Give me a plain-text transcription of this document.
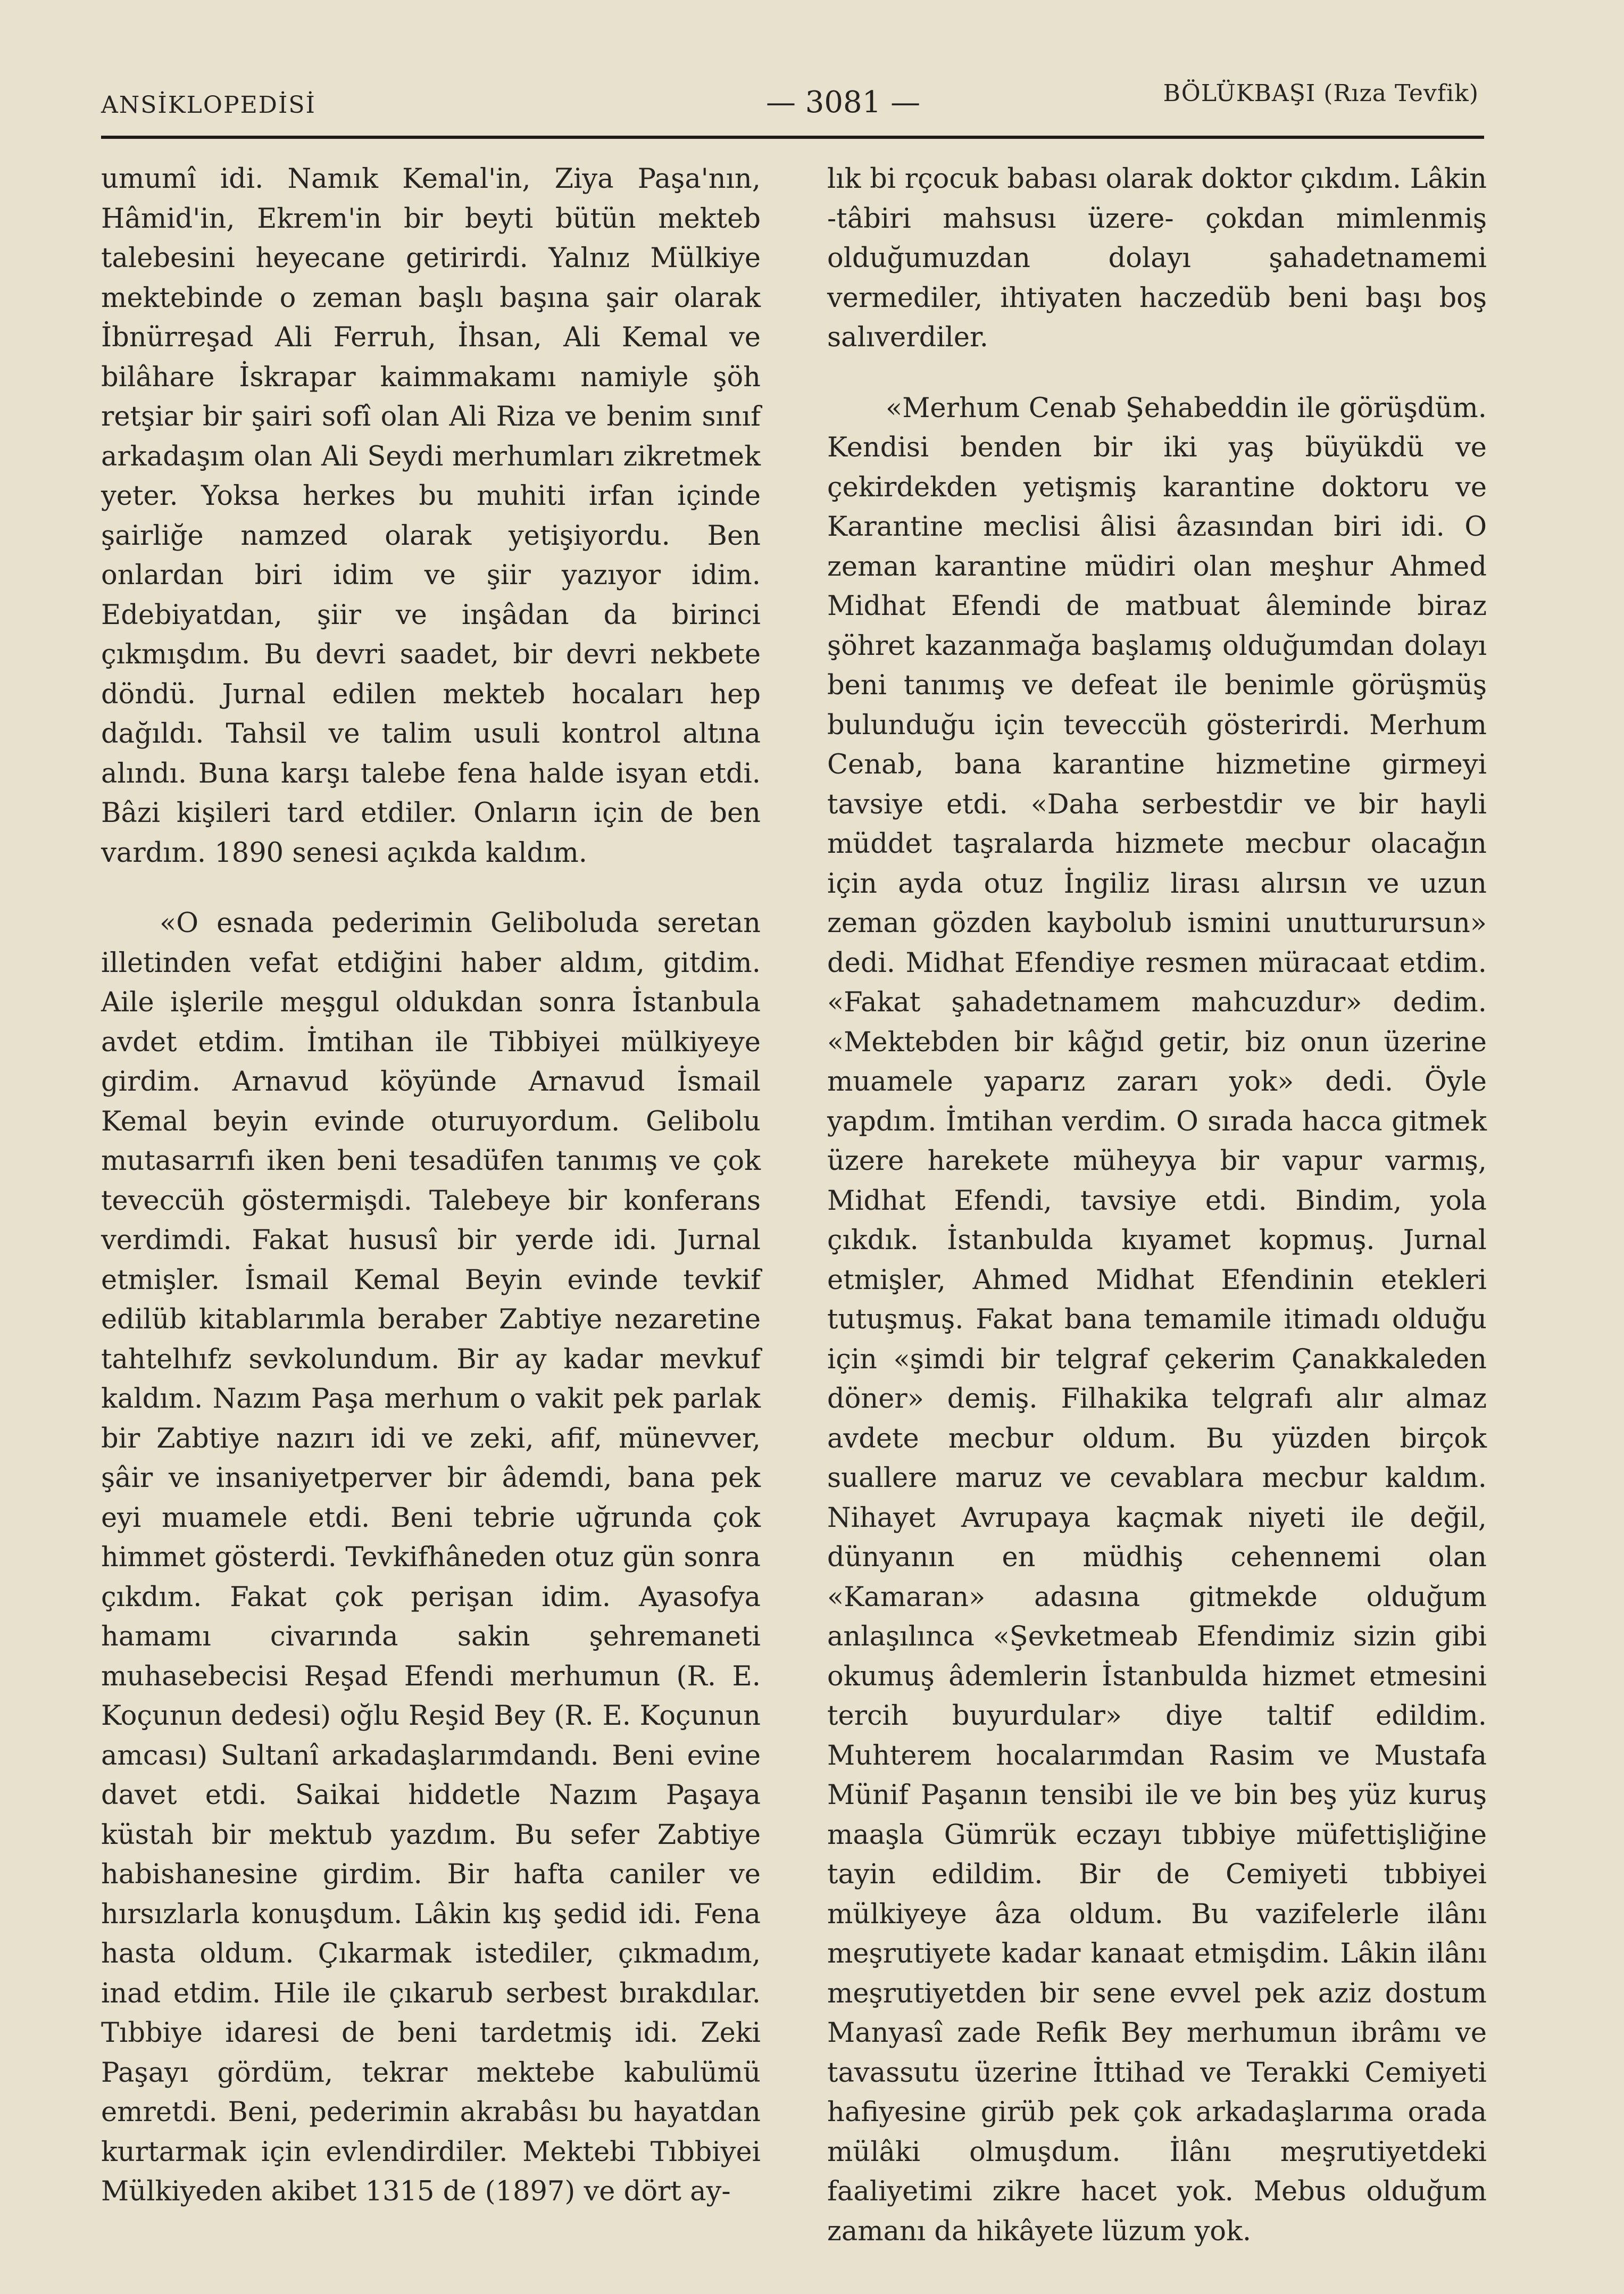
ANSİKLOPEDİSİ	— 3081 —	BÖLÜKBAŞI (Rıza Tevfik)

umumî idi. Namık Kemal'in, Ziya Paşa'nın, Hâmid'in, Ekrem'in bir beyti bütün mekteb talebesini heyecane getirirdi. Yalnız Mülkiye mektebinde o zeman başlı başına şair olarak İbnürreşad Ali Ferruh, İhsan, Ali Kemal ve bilâhare İskrapar kaimmakamı namiyle şöh retşiar bir şairi sofî olan Ali Riza ve benim sınıf arkadaşım olan Ali Seydi merhumları zikretmek yeter. Yoksa herkes bu muhiti irfan içinde şairliğe namzed olarak yetişiyordu. Ben onlardan biri idim ve şiir yazıyor idim. Edebiyatdan, şiir ve inşâdan da birinci çıkmışdım. Bu devri saadet, bir devri nekbete döndü. Jurnal edilen mekteb hocaları hep dağıldı. Tahsil ve talim usuli kontrol altına alındı. Buna karşı talebe fena halde isyan etdi. Bâzi kişileri tard etdiler. Onların için de ben vardım. 1890 senesi açıkda kaldım.

«O esnada pederimin Geliboluda seretan illetinden vefat etdiğini haber aldım, gitdim. Aile işlerile meşgul oldukdan sonra İstanbula avdet etdim. İmtihan ile Tibbiyei mülkiyeye girdim. Arnavud köyünde Arnavud İsmail Kemal beyin evinde oturuyordum. Gelibolu mutasarrıfı iken beni tesadüfen tanımış ve çok teveccüh göstermişdi. Talebeye bir konferans verdimdi. Fakat hususî bir yerde idi. Jurnal etmişler. İsmail Kemal Beyin evinde tevkif edilüb kitablarımla beraber Zabtiye nezaretine tahtelhıfz sevkolundum. Bir ay kadar mevkuf kaldım. Nazım Paşa merhum o vakit pek parlak bir Zabtiye nazırı idi ve zeki, afif, münevver, şâir ve insaniyetperver bir âdemdi, bana pek eyi muamele etdi. Beni tebrie uğrunda çok himmet gösterdi. Tevkifhâneden otuz gün sonra çıkdım. Fakat çok perişan idim. Ayasofya hamamı civarında sakin şehremaneti muhasebecisi Reşad Efendi merhumun (R. E. Koçunun dedesi) oğlu Reşid Bey (R. E. Koçunun amcası) Sultanî arkadaşlarımdandı. Beni evine davet etdi. Saikai hiddetle Nazım Paşaya küstah bir mektub yazdım. Bu sefer Zabtiye habishanesine girdim. Bir hafta caniler ve hırsızlarla konuşdum. Lâkin kış şedid idi. Fena hasta oldum. Çıkarmak istediler, çıkmadım, inad etdim. Hile ile çıkarub serbest bırakdılar. Tıbbiye idaresi de beni tardetmiş idi. Zeki Paşayı gördüm, tekrar mektebe kabulümü emretdi. Beni, pederimin akrabâsı bu hayatdan kurtarmak için evlendirdiler. Mektebi Tıbbiyei Mülkiyeden akibet 1315 de (1897) ve dört ay-

lık bi rçocuk babası olarak doktor çıkdım. Lâkin -tâbiri mahsusı üzere- çokdan mimlenmiş olduğumuzdan dolayı şahadetnamemi vermediler, ihtiyaten haczedüb beni başı boş salıverdiler.

«Merhum Cenab Şehabeddin ile görüşdüm. Kendisi benden bir iki yaş büyükdü ve çekirdekden yetişmiş karantine doktoru ve Karantine meclisi âlisi âzasından biri idi. O zeman karantine müdiri olan meşhur Ahmed Midhat Efendi de matbuat âleminde biraz şöhret kazanmağa başlamış olduğumdan dolayı beni tanımış ve defeat ile benimle görüşmüş bulunduğu için teveccüh gösterirdi. Merhum Cenab, bana karantine hizmetine girmeyi tavsiye etdi. «Daha serbestdir ve bir hayli müddet taşralarda hizmete mecbur olacağın için ayda otuz İngiliz lirası alırsın ve uzun zeman gözden kaybolub ismini unutturursun» dedi. Midhat Efendiye resmen müracaat etdim. «Fakat şahadetnamem mahcuzdur» dedim. «Mektebden bir kâğıd getir, biz onun üzerine muamele yaparız zararı yok» dedi. Öyle yapdım. İmtihan verdim. O sırada hacca gitmek üzere harekete müheyya bir vapur varmış, Midhat Efendi, tavsiye etdi. Bindim, yola çıkdık. İstanbulda kıyamet kopmuş. Jurnal etmişler, Ahmed Midhat Efendinin etekleri tutuşmuş. Fakat bana temamile itimadı olduğu için «şimdi bir telgraf çekerim Çanakkaleden döner» demiş. Filhakika telgrafı alır almaz avdete mecbur oldum. Bu yüzden birçok suallere maruz ve cevablara mecbur kaldım. Nihayet Avrupaya kaçmak niyeti ile değil, dünyanın en müdhiş cehennemi olan «Kamaran» adasına gitmekde olduğum anlaşılınca «Şevketmeab Efendimiz sizin gibi okumuş âdemlerin İstanbulda hizmet etmesini tercih buyurdular» diye taltif edildim. Muhterem hocalarımdan Rasim ve Mustafa Münif Paşanın tensibi ile ve bin beş yüz kuruş maaşla Gümrük eczayı tıbbiye müfettişliğine tayin edildim. Bir de Cemiyeti tıbbiyei mülkiyeye âza oldum. Bu vazifelerle ilânı meşrutiyete kadar kanaat etmişdim. Lâkin ilânı meşrutiyetden bir sene evvel pek aziz dostum Manyasî zade Refik Bey merhumun ibrâmı ve tavassutu üzerine İttihad ve Terakki Cemiyeti hafiyesine girüb pek çok arkadaşlarıma orada mülâki olmuşdum. İlânı meşrutiyetdeki faaliyetimi zikre hacet yok. Mebus olduğum zamanı da hikâyete lüzum yok.
